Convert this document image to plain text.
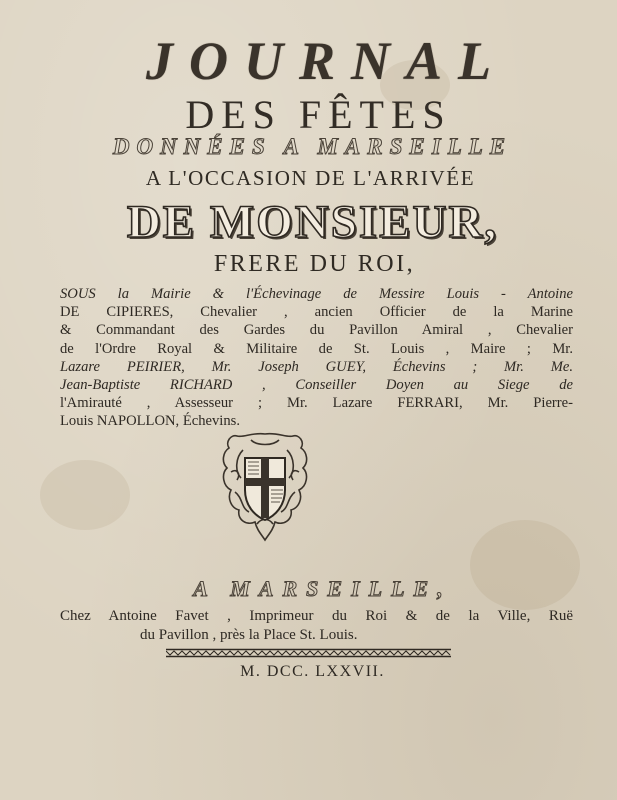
JOURNAL
DES FÊTES
DONNÉES A MARSEILLE
A L'OCCASION DE L'ARRIVÉE
DE MONSIEUR,
FRERE DU ROI,
SOUS la Mairie & l'Échevinage de Messire Louis - Antoine
DE CIPIERES, Chevalier , ancien Officier de la Marine
& Commandant des Gardes du Pavillon Amiral , Chevalier
de l'Ordre Royal & Militaire de St. Louis , Maire ; Mr.
Lazare PEIRIER, Mr. Joseph GUEY, Échevins ; Mr. Me.
Jean-Baptiste RICHARD , Conseiller Doyen au Siege de
l'Amirauté , Assesseur ; Mr. Lazare FERRARI, Mr. Pierre-
Louis NAPOLLON, Échevins.
A MARSEILLE,
Chez Antoine Favet , Imprimeur du Roi & de la Ville, Ruë
du Pavillon , près la Place St. Louis.
M. DCC. LXXVII.
